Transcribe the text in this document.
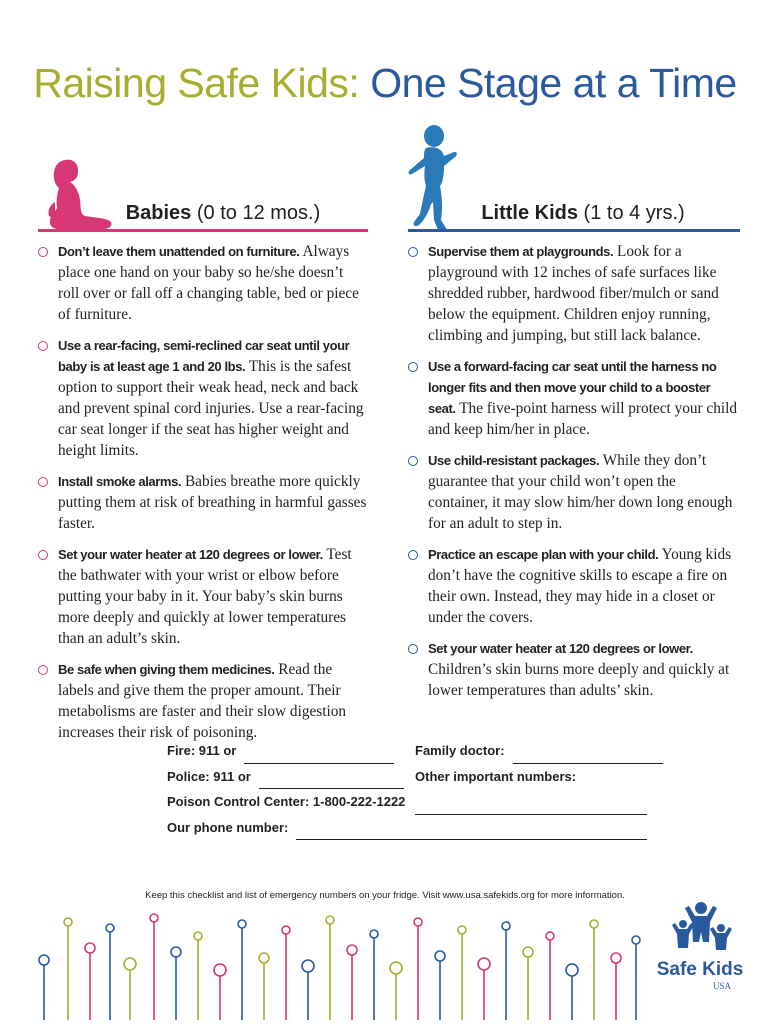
Raising Safe Kids: One Stage at a Time
Babies (0 to 12 mos.)
Don’t leave them unattended on furniture. Always place one hand on your baby so he/she doesn’t roll over or fall off a changing table, bed or piece of furniture.
Use a rear-facing, semi-reclined car seat until your baby is at least age 1 and 20 lbs. This is the safest option to support their weak head, neck and back and prevent spinal cord injuries. Use a rear-facing car seat longer if the seat has higher weight and height limits.
Install smoke alarms. Babies breathe more quickly putting them at risk of breathing in harmful gasses faster.
Set your water heater at 120 degrees or lower. Test the bathwater with your wrist or elbow before putting your baby in it. Your baby’s skin burns more deeply and quickly at lower temperatures than an adult’s skin.
Be safe when giving them medicines. Read the labels and give them the proper amount. Their metabolisms are faster and their slow digestion increases their risk of poisoning.
Little Kids (1 to 4 yrs.)
Supervise them at playgrounds. Look for a playground with 12 inches of safe surfaces like shredded rubber, hardwood fiber/mulch or sand below the equipment. Children enjoy running, climbing and jumping, but still lack balance.
Use a forward-facing car seat until the harness no longer fits and then move your child to a booster seat. The five-point harness will protect your child and keep him/her in place.
Use child-resistant packages. While they don’t guarantee that your child won’t open the container, it may slow him/her down long enough for an adult to step in.
Practice an escape plan with your child. Young kids don’t have the cognitive skills to escape a fire on their own. Instead, they may hide in a closet or under the covers.
Set your water heater at 120 degrees or lower. Children’s skin burns more deeply and quickly at lower temperatures than adults’ skin.
Fire: 911 or
Police: 911 or
Poison Control Center: 1-800-222-1222
Our phone number:
Family doctor:
Other important numbers:
Keep this checklist and list of emergency numbers on your fridge. Visit www.usa.safekids.org for more information.
Safe Kids
USA
